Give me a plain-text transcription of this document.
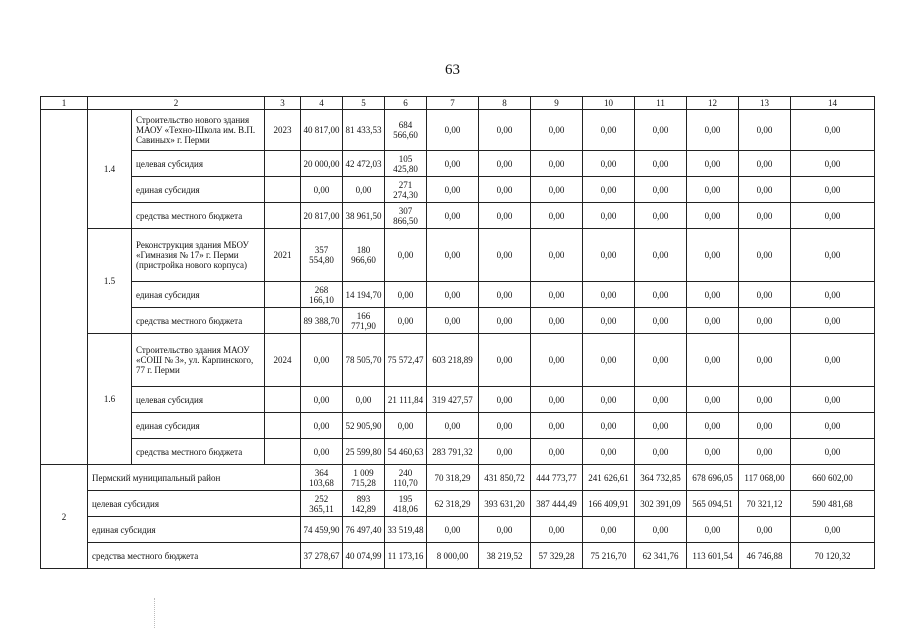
63
1	2		3	4	5	6	7	8	9	10	11	12	13	14
	1.4	Строительство нового здания МАОУ «Техно-Школа им. В.П. Савиных» г. Перми	2023	40 817,00	81 433,53	684 566,60	0,00	0,00	0,00	0,00	0,00	0,00	0,00	0,00
		целевая субсидия		20 000,00	42 472,03	105 425,80	0,00	0,00	0,00	0,00	0,00	0,00	0,00	0,00
		единая субсидия		0,00	0,00	271 274,30	0,00	0,00	0,00	0,00	0,00	0,00	0,00	0,00
		средства местного бюджета		20 817,00	38 961,50	307 866,50	0,00	0,00	0,00	0,00	0,00	0,00	0,00	0,00
	1.5	Реконструкция здания МБОУ «Гимназия № 17» г. Перми (пристройка нового корпуса)	2021	357 554,80	180 966,60	0,00	0,00	0,00	0,00	0,00	0,00	0,00	0,00	0,00
		единая субсидия		268 166,10	14 194,70	0,00	0,00	0,00	0,00	0,00	0,00	0,00	0,00	0,00
		средства местного бюджета		89 388,70	166 771,90	0,00	0,00	0,00	0,00	0,00	0,00	0,00	0,00	0,00
	1.6	Строительство здания МАОУ «СОШ № 3», ул. Карпинского, 77 г. Перми	2024	0,00	78 505,70	75 572,47	603 218,89	0,00	0,00	0,00	0,00	0,00	0,00	0,00
		целевая субсидия		0,00	0,00	21 111,84	319 427,57	0,00	0,00	0,00	0,00	0,00	0,00	0,00
		единая субсидия		0,00	52 905,90	0,00	0,00	0,00	0,00	0,00	0,00	0,00	0,00	0,00
		средства местного бюджета		0,00	25 599,80	54 460,63	283 791,32	0,00	0,00	0,00	0,00	0,00	0,00	0,00
2	Пермский муниципальный район			364 103,68	1 009 715,28	240 110,70	70 318,29	431 850,72	444 773,77	241 626,61	364 732,85	678 696,05	117 068,00	660 602,00
	целевая субсидия			252 365,11	893 142,89	195 418,06	62 318,29	393 631,20	387 444,49	166 409,91	302 391,09	565 094,51	70 321,12	590 481,68
	единая субсидия			74 459,90	76 497,40	33 519,48	0,00	0,00	0,00	0,00	0,00	0,00	0,00	0,00
	средства местного бюджета			37 278,67	40 074,99	11 173,16	8 000,00	38 219,52	57 329,28	75 216,70	62 341,76	113 601,54	46 746,88	70 120,32
